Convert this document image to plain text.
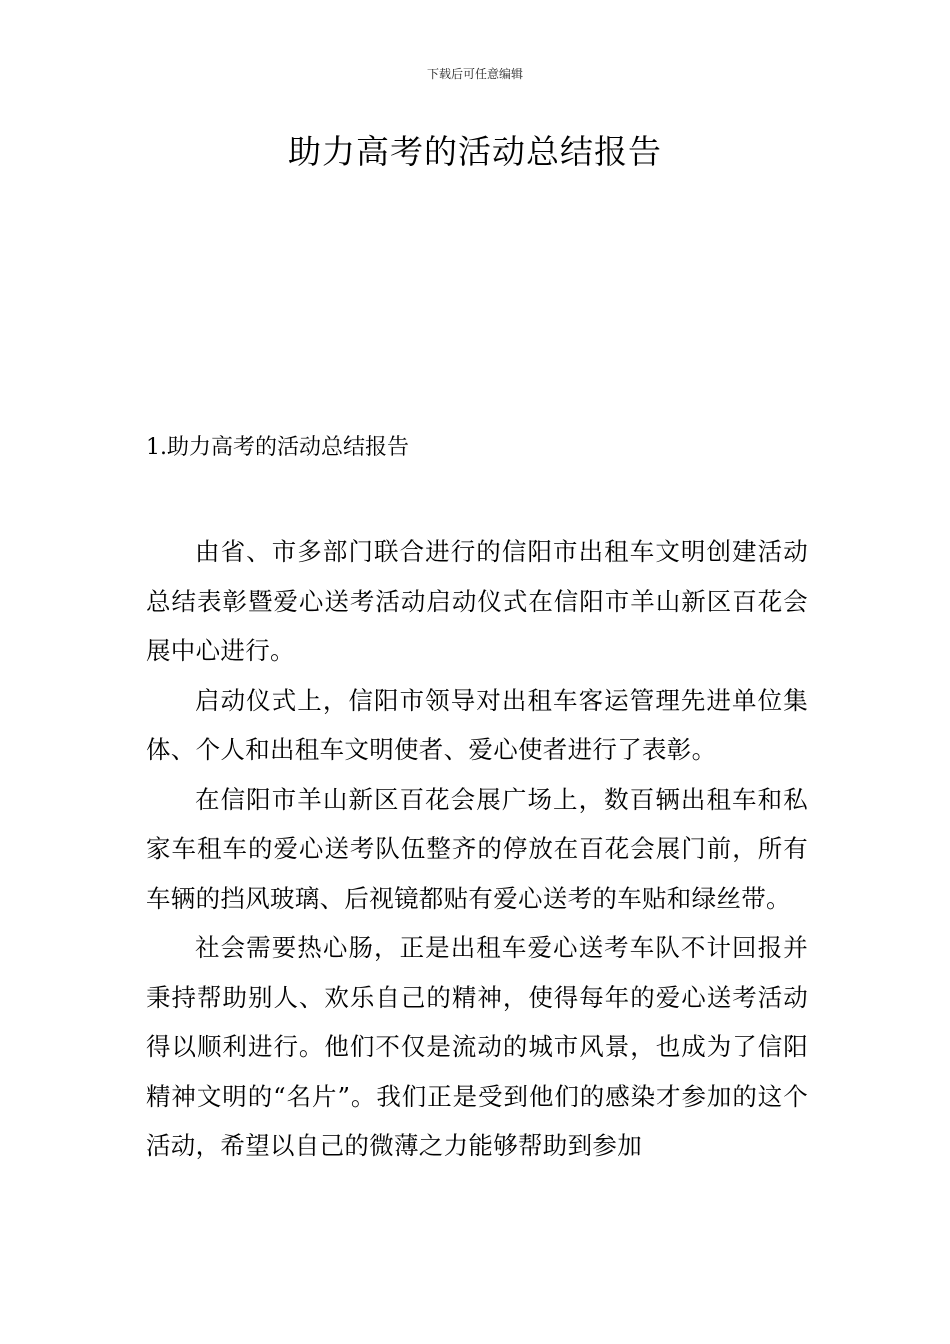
下载后可任意编辑
助力高考的活动总结报告
1.助力高考的活动总结报告

由省、市多部门联合进行的信阳市出租车文明创建活动总结表彰暨爱心送考活动启动仪式在信阳市羊山新区百花会展中心进行。

启动仪式上，信阳市领导对出租车客运管理先进单位集体、个人和出租车文明使者、爱心使者进行了表彰。

在信阳市羊山新区百花会展广场上，数百辆出租车和私家车租车的爱心送考队伍整齐的停放在百花会展门前，所有车辆的挡风玻璃、后视镜都贴有爱心送考的车贴和绿丝带。

社会需要热心肠，正是出租车爱心送考车队不计回报并秉持帮助别人、欢乐自己的精神，使得每年的爱心送考活动得以顺利进行。他们不仅是流动的城市风景，也成为了信阳精神文明的“名片”。我们正是受到他们的感染才参加的这个活动，希望以自己的微薄之力能够帮助到参加
